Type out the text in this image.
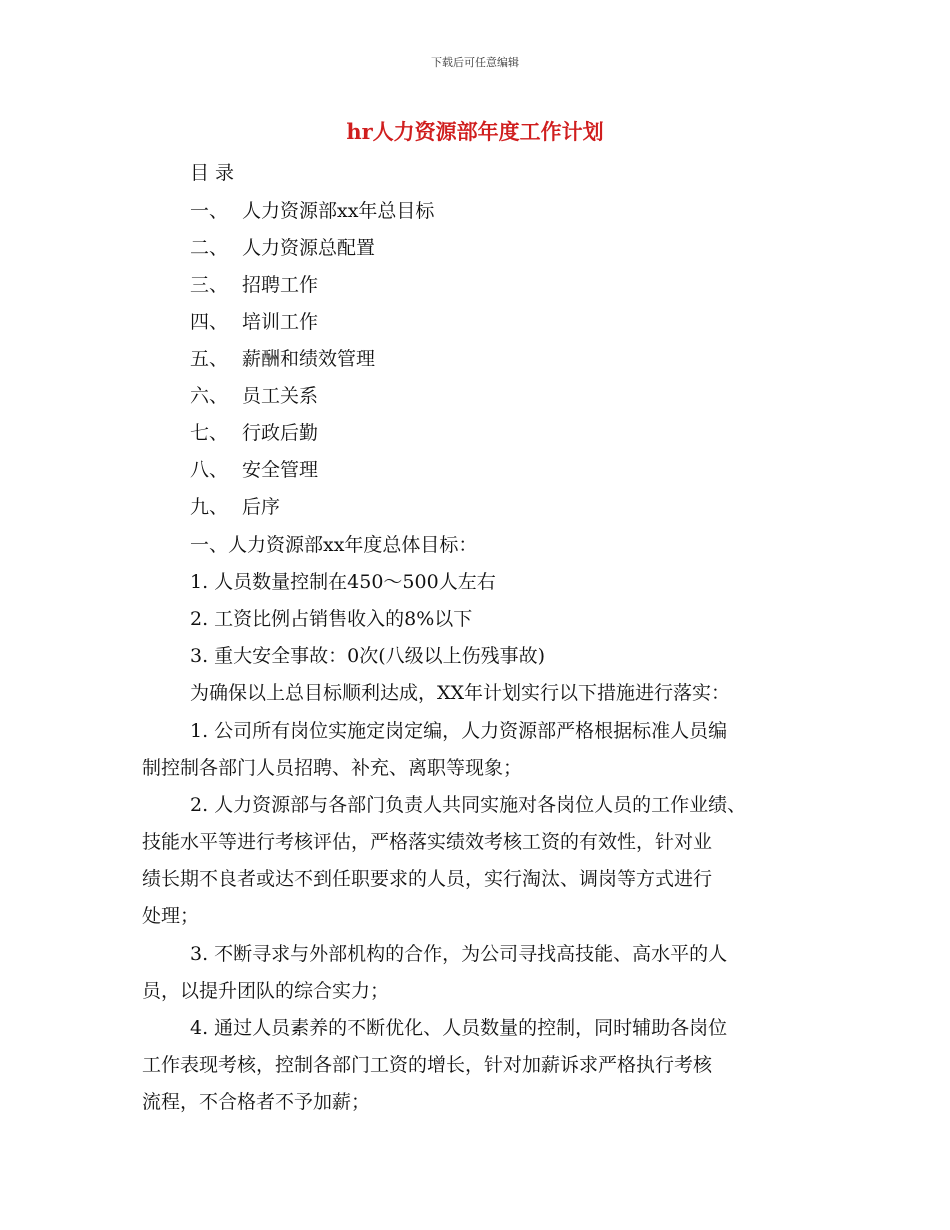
下载后可任意编辑
hr人力资源部年度工作计划
目 录
一、 人力资源部xx年总目标
二、 人力资源总配置
三、 招聘工作
四、 培训工作
五、 薪酬和绩效管理
六、 员工关系
七、 行政后勤
八、 安全管理
九、 后序
一、人力资源部xx年度总体目标：
1. 人员数量控制在450～500人左右
2. 工资比例占销售收入的8%以下
3. 重大安全事故：0次(八级以上伤残事故)
为确保以上总目标顺利达成，XX年计划实行以下措施进行落实：
1. 公司所有岗位实施定岗定编，人力资源部严格根据标准人员编
制控制各部门人员招聘、补充、离职等现象；
2. 人力资源部与各部门负责人共同实施对各岗位人员的工作业绩、
技能水平等进行考核评估，严格落实绩效考核工资的有效性，针对业
绩长期不良者或达不到任职要求的人员，实行淘汰、调岗等方式进行
处理；
3. 不断寻求与外部机构的合作，为公司寻找高技能、高水平的人
员，以提升团队的综合实力；
4. 通过人员素养的不断优化、人员数量的控制，同时辅助各岗位
工作表现考核，控制各部门工资的增长，针对加薪诉求严格执行考核
流程，不合格者不予加薪；
